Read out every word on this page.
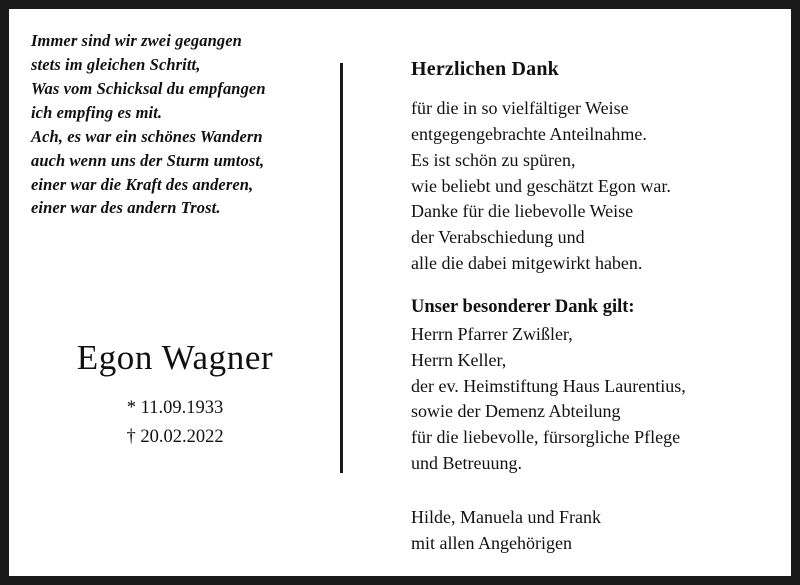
Immer sind wir zwei gegangen
stets im gleichen Schritt,
Was vom Schicksal du empfangen
ich empfing es mit.
Ach, es war ein schönes Wandern
auch wenn uns der Sturm umtost,
einer war die Kraft des anderen,
einer war des andern Trost.
Egon Wagner
* 11.09.1933
† 20.02.2022
Herzlichen Dank
für die in so vielfältiger Weise
entgegengebrachte Anteilnahme.
Es ist schön zu spüren,
wie beliebt und geschätzt Egon war.
Danke für die liebevolle Weise
der Verabschiedung und
alle die dabei mitgewirkt haben.
Unser besonderer Dank gilt:
Herrn Pfarrer Zwißler,
Herrn Keller,
der ev. Heimstiftung Haus Laurentius,
sowie der Demenz Abteilung
für die liebevolle, fürsorgliche Pflege
und Betreuung.
Hilde, Manuela und Frank
mit allen Angehörigen
